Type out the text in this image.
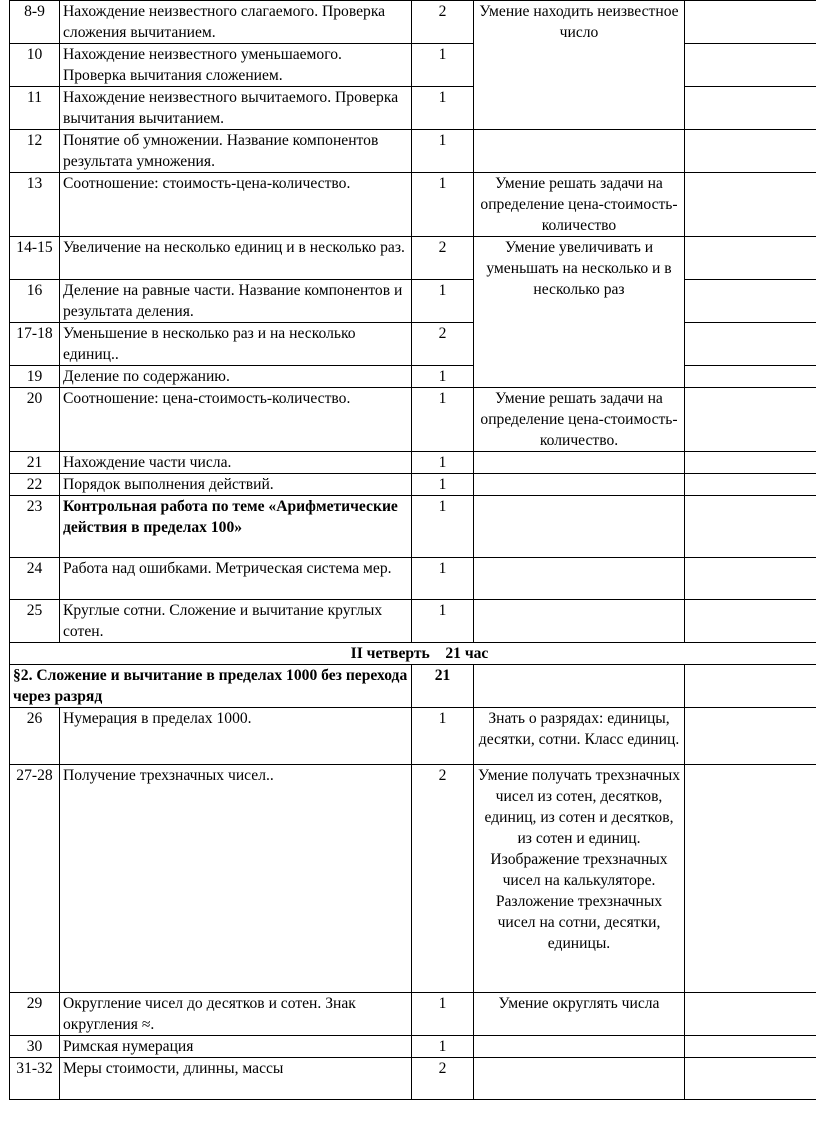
8-9	Нахождение неизвестного слагаемого. Проверка сложения вычитанием.	2	Умение находить неизвестное число	
10	Нахождение неизвестного уменьшаемого. Проверка вычитания сложением.	1		
11	Нахождение неизвестного вычитаемого. Проверка вычитания вычитанием.	1		
12	Понятие об умножении. Название компонентов результата умножения.	1		
13	Соотношение: стоимость-цена-количество.	1	Умение решать задачи на определение цена-стоимость-количество	
14-15	Увеличение на несколько единиц и в несколько раз.	2	Умение увеличивать и уменьшать на несколько и в несколько раз	
16	Деление на равные части. Название компонентов и результата деления.	1		
17-18	Уменьшение в несколько раз и на несколько единиц..	2		
19	Деление по содержанию.	1		
20	Соотношение: цена-стоимость-количество.	1	Умение решать задачи на определение цена-стоимость-количество.	
21	Нахождение части числа.	1		
22	Порядок выполнения действий.	1		
23	Контрольная работа по теме «Арифметические действия в пределах 100»	1		
24	Работа над ошибками. Метрическая система мер.	1		
25	Круглые сотни. Сложение и вычитание круглых сотен.	1		
II четверть    21 час				
§2. Сложение и вычитание в пределах 1000 без перехода через разряд		21		
26	Нумерация в пределах 1000.	1	Знать о разрядах: единицы, десятки, сотни. Класс единиц.	
27-28	Получение трехзначных чисел..	2	Умение получать трехзначных чисел из сотен, десятков, единиц, из сотен и десятков, из сотен и единиц. Изображение трехзначных чисел на калькуляторе. Разложение трехзначных чисел на сотни, десятки, единицы.	
29	Округление чисел до десятков и сотен. Знак округления ≈.	1	Умение округлять числа	
30	Римская нумерация	1		
31-32	Меры стоимости, длинны, массы	2		
